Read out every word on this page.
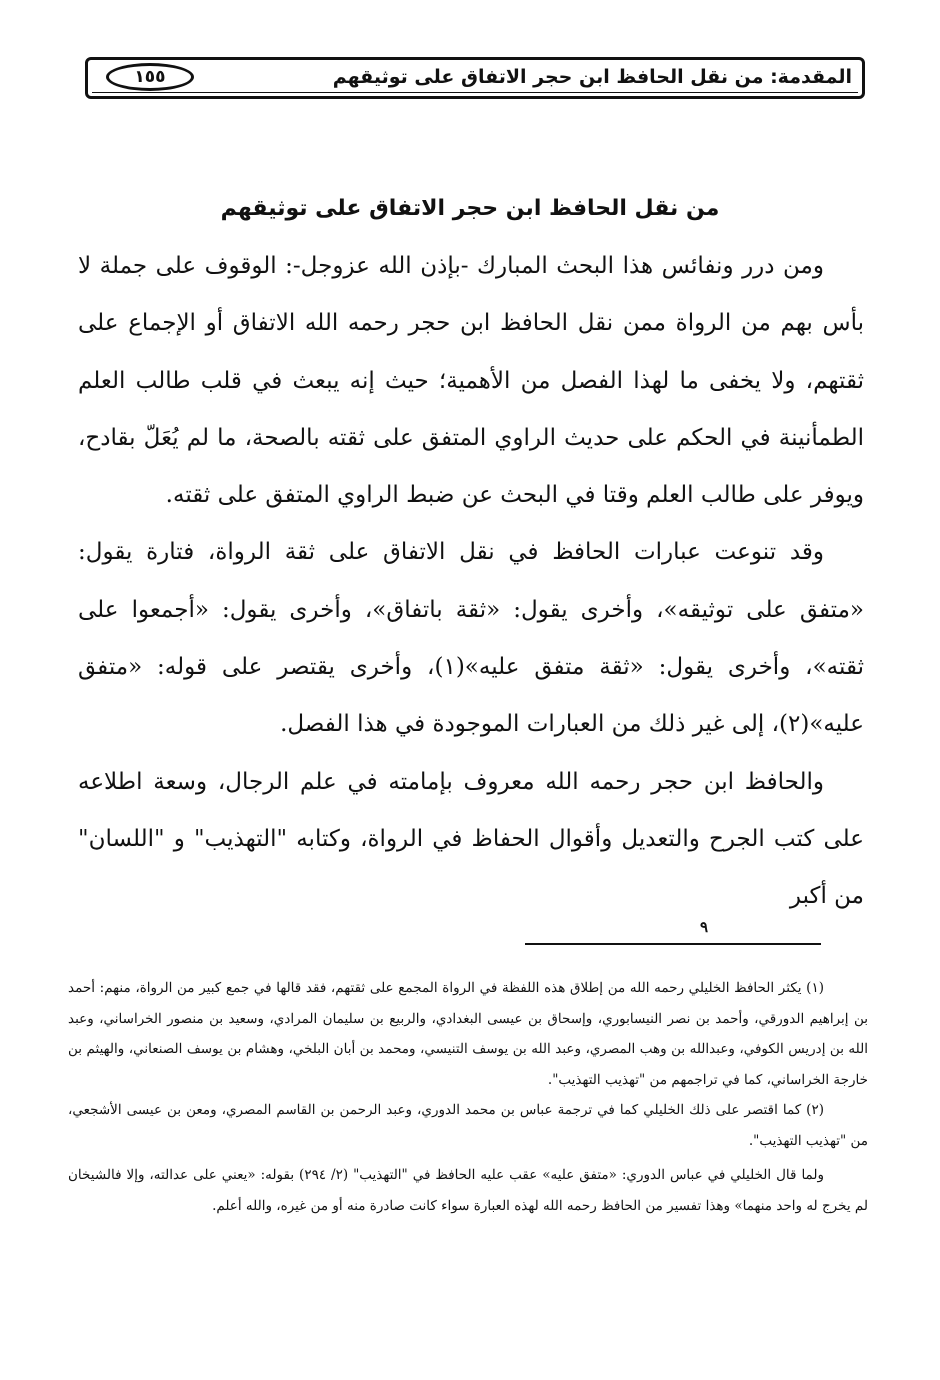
المقدمة: من نقل الحافظ ابن حجر الاتفاق على توثيقهم
١٥٥
من نقل الحافظ ابن حجر الاتفاق على توثيقهم

ومن درر ونفائس هذا البحث المبارك -بإذن الله عزوجل-: الوقوف على جملة لا بأس بهم من الرواة ممن نقل الحافظ ابن حجر رحمه الله الاتفاق أو الإجماع على ثقتهم، ولا يخفى ما لهذا الفصل من الأهمية؛ حيث إنه يبعث في قلب طالب العلم الطمأنينة في الحكم على حديث الراوي المتفق على ثقته بالصحة، ما لم يُعَلّ بقادح، ويوفر على طالب العلم وقتا في البحث عن ضبط الراوي المتفق على ثقته.

وقد تنوعت عبارات الحافظ في نقل الاتفاق على ثقة الرواة، فتارة يقول: «متفق على توثيقه»، وأخرى يقول: «ثقة باتفاق»، وأخرى يقول: «أجمعوا على ثقته»، وأخرى يقول: «ثقة متفق عليه»(١)، وأخرى يقتصر على قوله: «متفق عليه»(٢)، إلى غير ذلك من العبارات الموجودة في هذا الفصل.

والحافظ ابن حجر رحمه الله معروف بإمامته في علم الرجال، وسعة اطلاعه على كتب الجرح والتعديل وأقوال الحفاظ في الرواة، وكتابه "التهذيب" و "اللسان" من أكبر

٩

(١) يكثر الحافظ الخليلي رحمه الله من إطلاق هذه اللفظة في الرواة المجمع على ثقتهم، فقد قالها في جمع كبير من الرواة، منهم: أحمد بن إبراهيم الدورقي، وأحمد بن نصر النيسابوري، وإسحاق بن عيسى البغدادي، والربيع بن سليمان المرادي، وسعيد بن منصور الخراساني، وعبد الله بن إدريس الكوفي، وعبدالله بن وهب المصري، وعبد الله بن يوسف التنيسي، ومحمد بن أبان البلخي، وهشام بن يوسف الصنعاني، والهيثم بن خارجة الخراساني، كما في تراجمهم من "تهذيب التهذيب".

(٢) كما اقتصر على ذلك الخليلي كما في ترجمة عباس بن محمد الدوري، وعبد الرحمن بن القاسم المصري، ومعن بن عيسى الأشجعي، من "تهذيب التهذيب".

ولما قال الخليلي في عباس الدوري: «متفق عليه» عقب عليه الحافظ في "التهذيب" (٢/ ٢٩٤) بقوله: «يعني على عدالته، وإلا فالشيخان لم يخرج له واحد منهما» وهذا تفسير من الحافظ رحمه الله لهذه العبارة سواء كانت صادرة منه أو من غيره، والله أعلم.
